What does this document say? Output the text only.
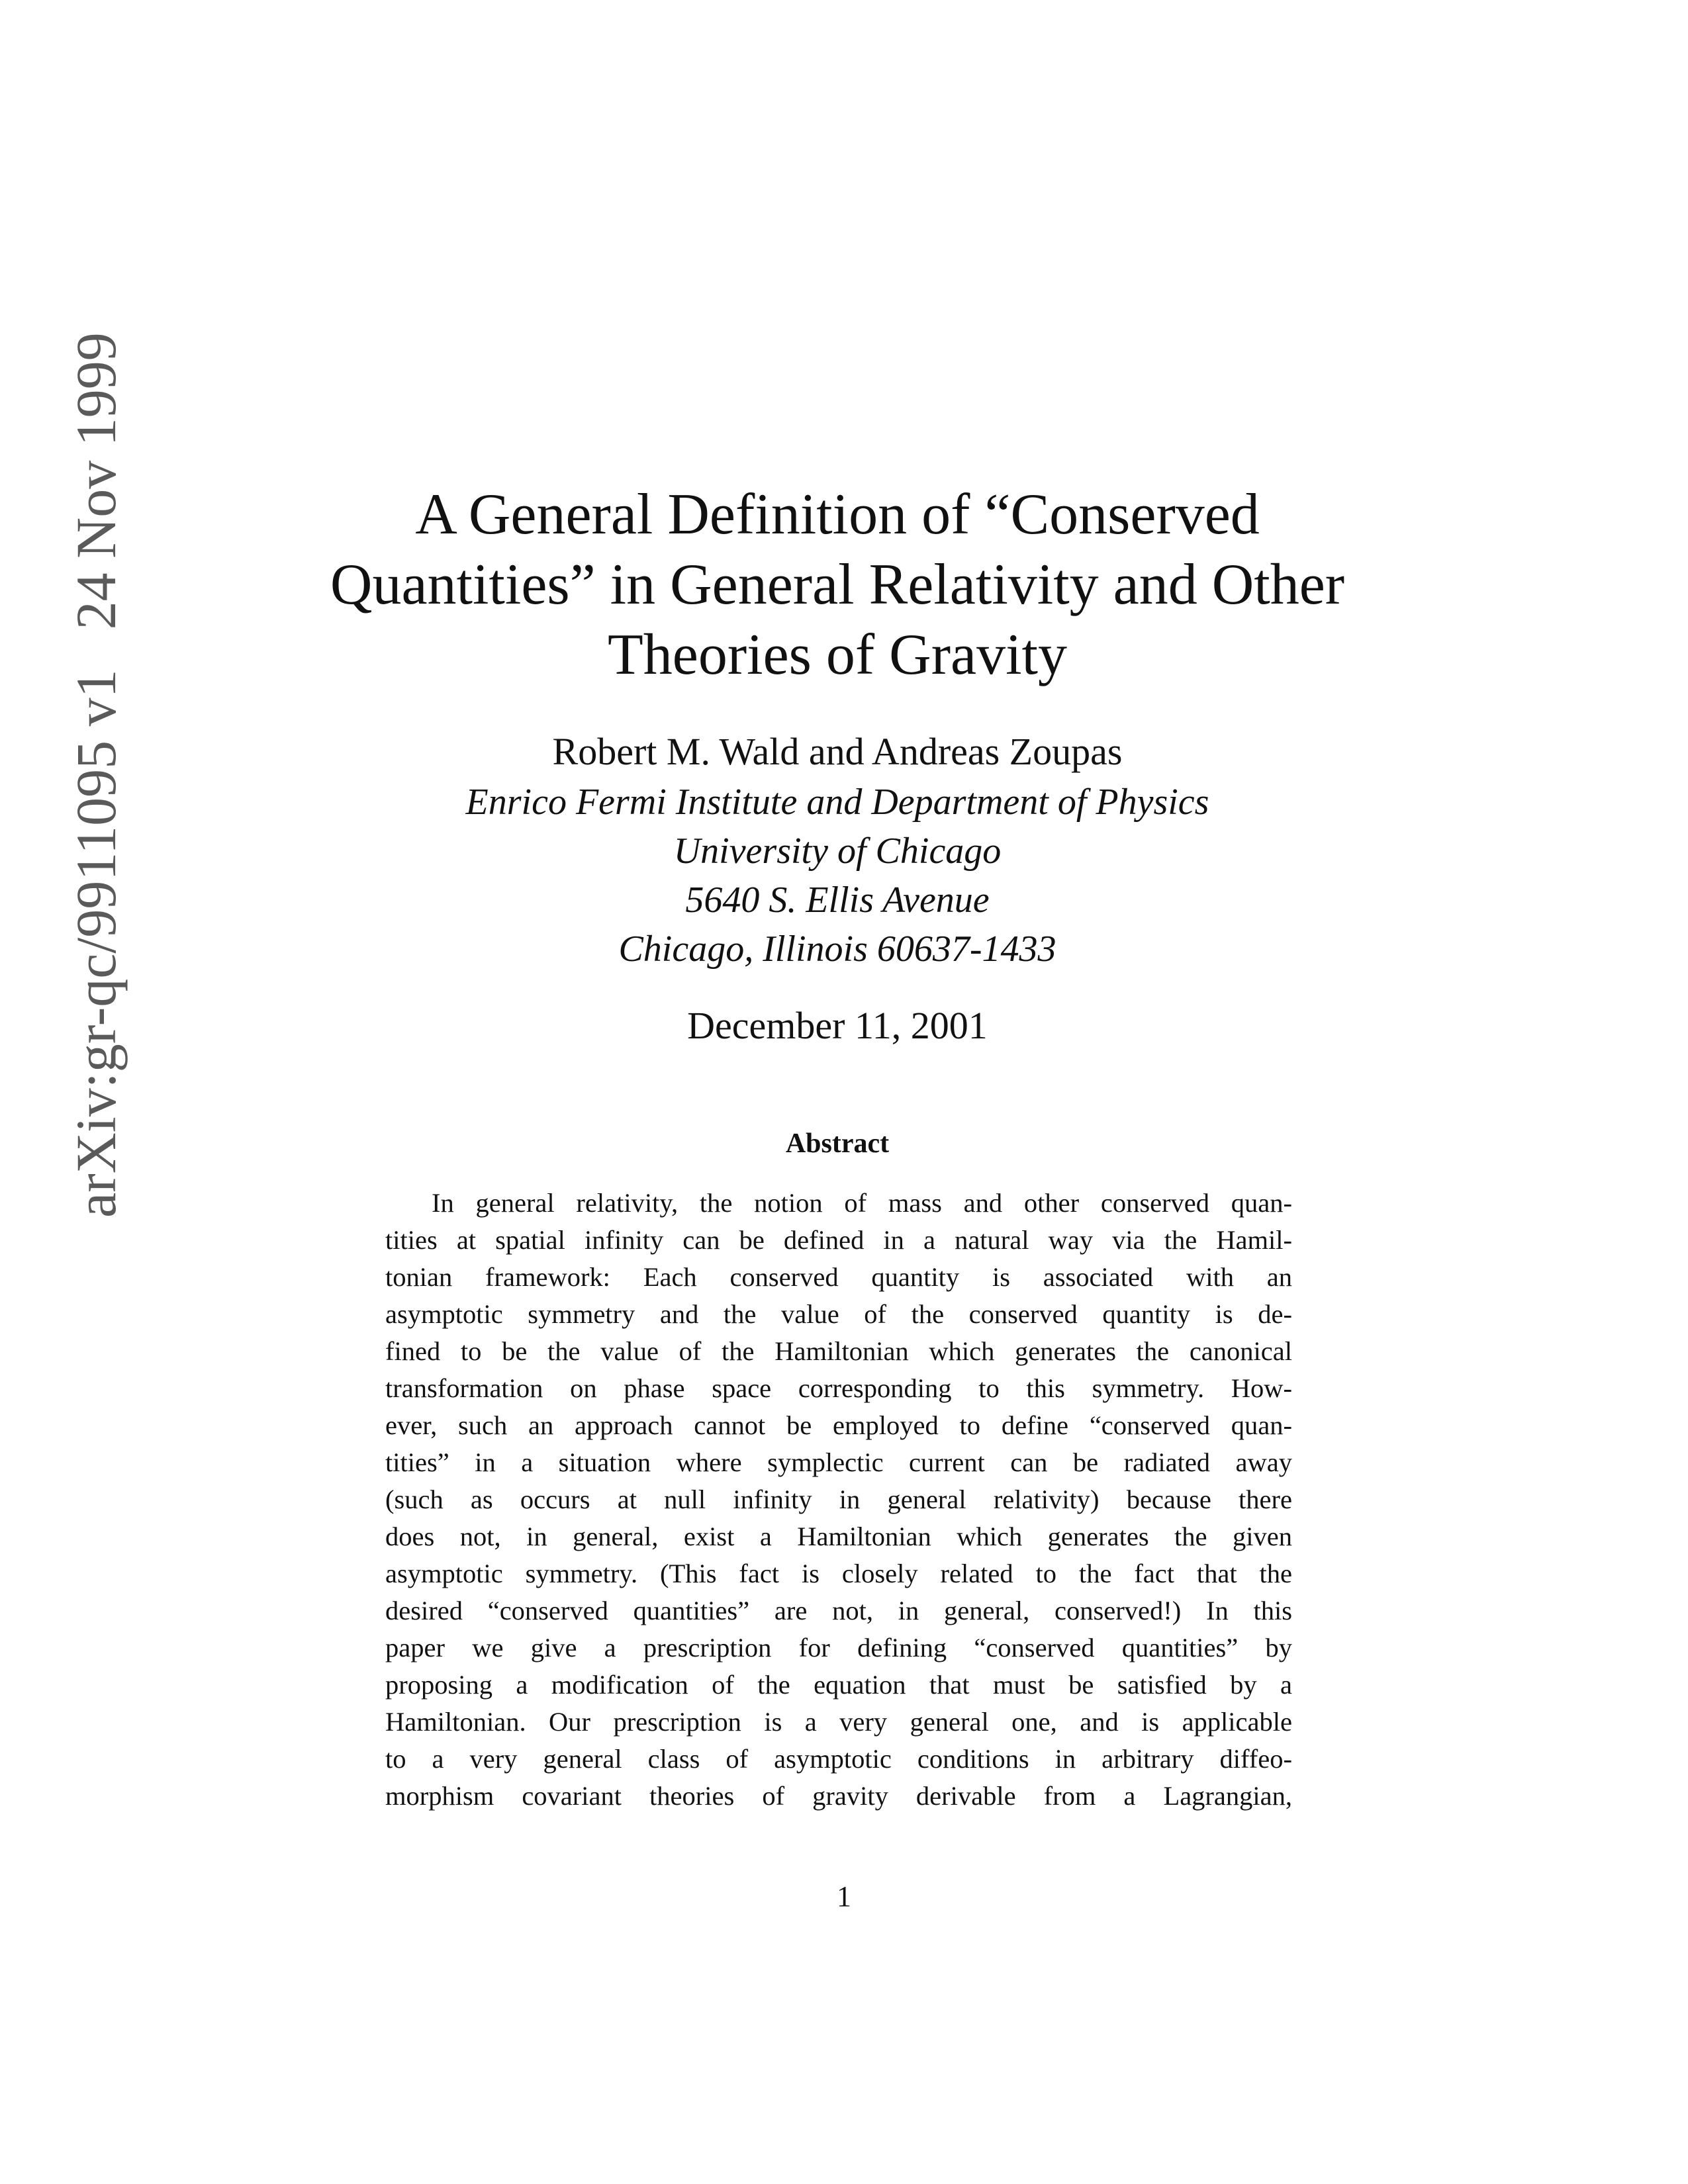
arXiv:gr-qc/9911095 v124 Nov 1999	A General Definition of “Conserved
Quantities” in General Relativity and Other
Theories of Gravity
Robert M. Wald and Andreas Zoupas
Enrico Fermi Institute and Department of Physics
University of Chicago
5640 S. Ellis Avenue
Chicago, Illinois 60637-1433
December 11, 2001
Abstract
In general relativity, the notion of mass and other conserved quan-
tities at spatial infinity can be defined in a natural way via the Hamil-
tonian framework: Each conserved quantity is associated with an
asymptotic symmetry and the value of the conserved quantity is de-
fined to be the value of the Hamiltonian which generates the canonical
transformation on phase space corresponding to this symmetry. How-
ever, such an approach cannot be employed to define “conserved quan-
tities” in a situation where symplectic current can be radiated away
(such as occurs at null infinity in general relativity) because there
does not, in general, exist a Hamiltonian which generates the given
asymptotic symmetry. (This fact is closely related to the fact that the
desired “conserved quantities” are not, in general, conserved!) In this
paper we give a prescription for defining “conserved quantities” by
proposing a modification of the equation that must be satisfied by a
Hamiltonian. Our prescription is a very general one, and is applicable
to a very general class of asymptotic conditions in arbitrary diffeo-
morphism covariant theories of gravity derivable from a Lagrangian,
1
